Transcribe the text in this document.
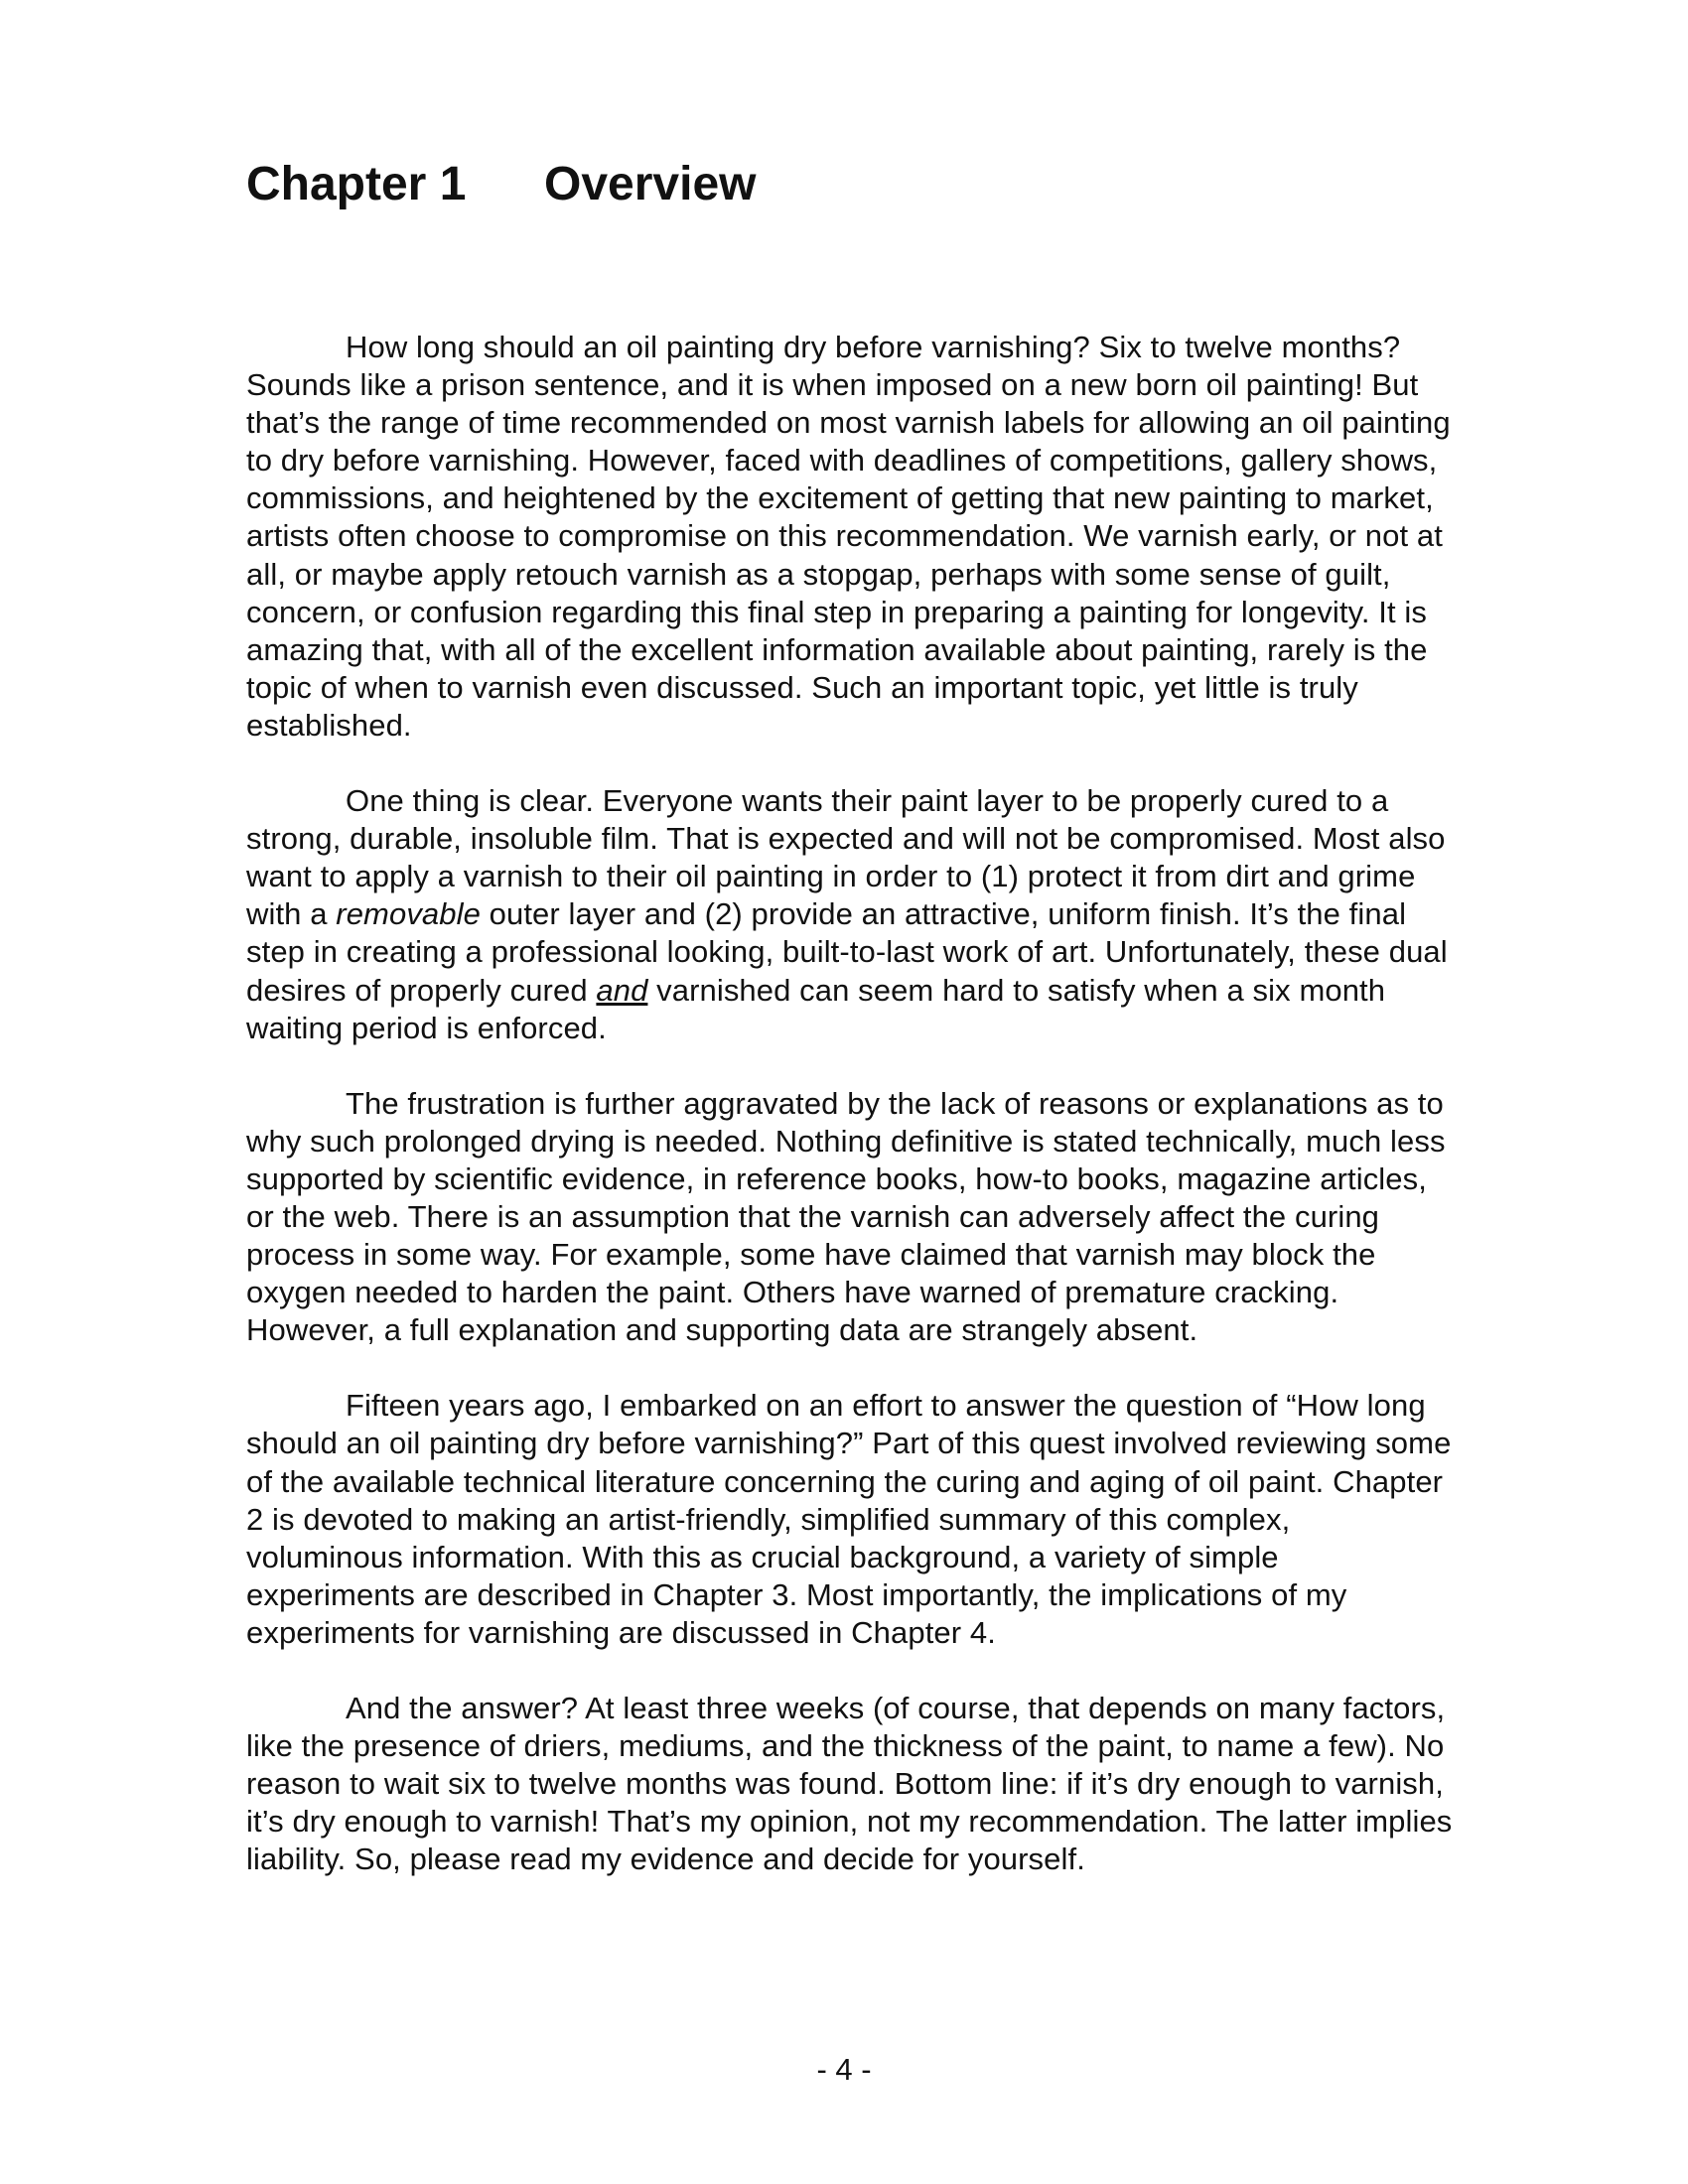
Chapter 1 Overview

How long should an oil painting dry before varnishing? Six to twelve months? Sounds like a prison sentence, and it is when imposed on a new born oil painting! But that’s the range of time recommended on most varnish labels for allowing an oil painting to dry before varnishing. However, faced with deadlines of competitions, gallery shows, commissions, and heightened by the excitement of getting that new painting to market, artists often choose to compromise on this recommendation. We varnish early, or not at all, or maybe apply retouch varnish as a stopgap, perhaps with some sense of guilt, concern, or confusion regarding this final step in preparing a painting for longevity. It is amazing that, with all of the excellent information available about painting, rarely is the topic of when to varnish even discussed. Such an important topic, yet little is truly established.

One thing is clear. Everyone wants their paint layer to be properly cured to a strong, durable, insoluble film. That is expected and will not be compromised. Most also want to apply a varnish to their oil painting in order to (1) protect it from dirt and grime with a removable outer layer and (2) provide an attractive, uniform finish. It’s the final step in creating a professional looking, built-to-last work of art. Unfortunately, these dual desires of properly cured and varnished can seem hard to satisfy when a six month waiting period is enforced.

The frustration is further aggravated by the lack of reasons or explanations as to why such prolonged drying is needed. Nothing definitive is stated technically, much less supported by scientific evidence, in reference books, how-to books, magazine articles, or the web. There is an assumption that the varnish can adversely affect the curing process in some way. For example, some have claimed that varnish may block the oxygen needed to harden the paint. Others have warned of premature cracking. However, a full explanation and supporting data are strangely absent.

Fifteen years ago, I embarked on an effort to answer the question of “How long should an oil painting dry before varnishing?” Part of this quest involved reviewing some of the available technical literature concerning the curing and aging of oil paint. Chapter 2 is devoted to making an artist-friendly, simplified summary of this complex, voluminous information. With this as crucial background, a variety of simple experiments are described in Chapter 3. Most importantly, the implications of my experiments for varnishing are discussed in Chapter 4.

And the answer? At least three weeks (of course, that depends on many factors, like the presence of driers, mediums, and the thickness of the paint, to name a few). No reason to wait six to twelve months was found. Bottom line: if it’s dry enough to varnish, it’s dry enough to varnish! That’s my opinion, not my recommendation. The latter implies liability. So, please read my evidence and decide for yourself.

- 4 -
